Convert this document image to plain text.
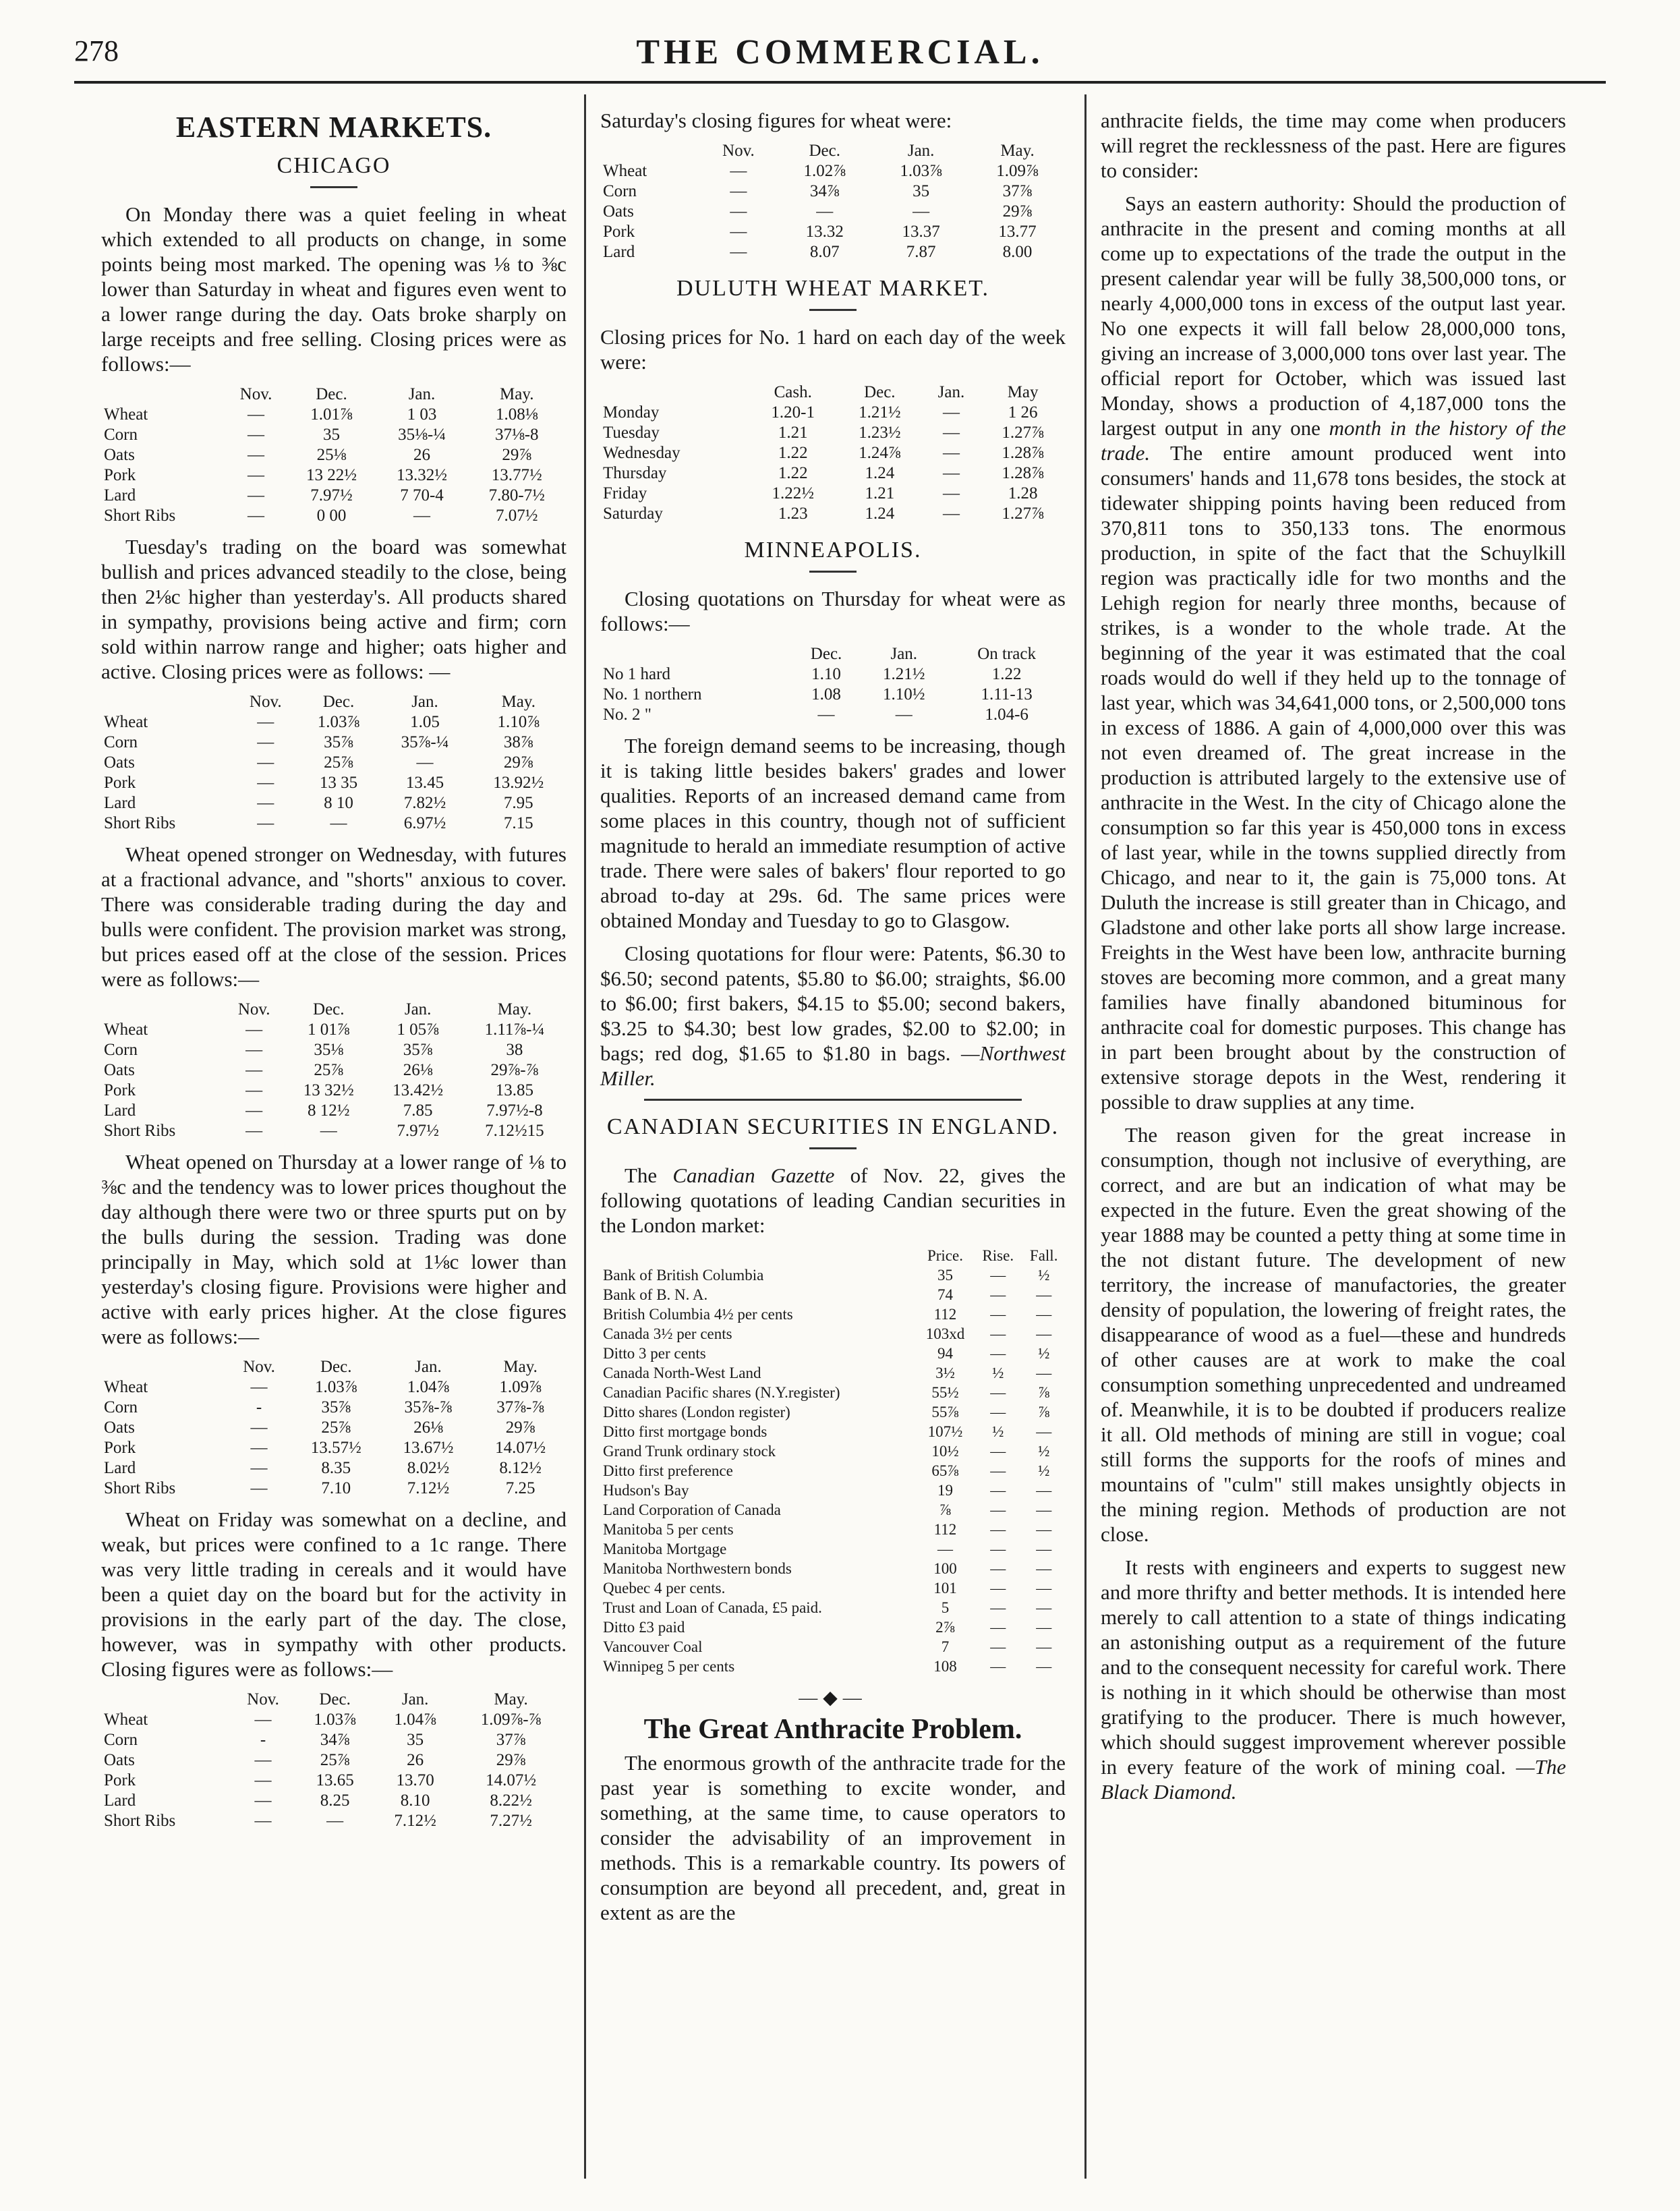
278	THE COMMERCIAL.
EASTERN MARKETS.
CHICAGO

On Monday there was a quiet feeling in wheat which extended to all products on change, in some points being most marked. The opening was ⅛ to ⅜c lower than Saturday in wheat and figures even went to a lower range during the day. Oats broke sharply on large receipts and free selling. Closing prices were as follows:—

	Nov.	Dec.	Jan.	May.
Wheat	—	1.01⅞	1 03	1.08⅛
Corn	—	35	35⅛-¼	37⅛-8
Oats	—	25⅛	26	29⅞
Pork	—	13 22½	13.32½	13.77½
Lard	—	7.97½	7 70-4	7.80-7½
Short Ribs	—	0 00	—	7.07½

Tuesday's trading on the board was somewhat bullish and prices advanced steadily to the close, being then 2⅛c higher than yesterday's. All products shared in sympathy, provisions being active and firm; corn sold within narrow range and higher; oats higher and active. Closing prices were as follows: —

	Nov.	Dec.	Jan.	May.
Wheat	—	1.03⅞	1.05	1.10⅞
Corn	—	35⅞	35⅞-¼	38⅞
Oats	—	25⅞	—	29⅞
Pork	—	13 35	13.45	13.92½
Lard	—	8 10	7.82½	7.95
Short Ribs	—	—	6.97½	7.15

Wheat opened stronger on Wednesday, with futures at a fractional advance, and "shorts" anxious to cover. There was considerable trading during the day and bulls were confident. The provision market was strong, but prices eased off at the close of the session. Prices were as follows:—

	Nov.	Dec.	Jan.	May.
Wheat	—	1 01⅞	1 05⅞	1.11⅞-¼
Corn	—	35⅛	35⅞	38
Oats	—	25⅞	26⅛	29⅞-⅞
Pork	—	13 32½	13.42½	13.85
Lard	—	8 12½	7.85	7.97½-8
Short Ribs	—	—	7.97½	7.12½15

Wheat opened on Thursday at a lower range of ⅛ to ⅜c and the tendency was to lower prices thoughout the day although there were two or three spurts put on by the bulls during the session. Trading was done principally in May, which sold at 1⅛c lower than yesterday's closing figure. Provisions were higher and active with early prices higher. At the close figures were as follows:—

	Nov.	Dec.	Jan.	May.
Wheat	—	1.03⅞	1.04⅞	1.09⅞
Corn	-	35⅞	35⅞-⅞	37⅞-⅞
Oats	—	25⅞	26⅛	29⅞
Pork	—	13.57½	13.67½	14.07½
Lard	—	8.35	8.02½	8.12½
Short Ribs	—	7.10	7.12½	7.25

Wheat on Friday was somewhat on a decline, and weak, but prices were confined to a 1c range. There was very little trading in cereals and it would have been a quiet day on the board but for the activity in provisions in the early part of the day. The close, however, was in sympathy with other products. Closing figures were as follows:—

	Nov.	Dec.	Jan.	May.
Wheat	—	1.03⅞	1.04⅞	1.09⅞-⅞
Corn	-	34⅞	35	37⅞
Oats	—	25⅞	26	29⅞
Pork	—	13.65	13.70	14.07½
Lard	—	8.25	8.10	8.22½
Short Ribs	—	—	7.12½	7.27½

Saturday's closing figures for wheat were:

	Nov.	Dec.	Jan.	May.
Wheat	—	1.02⅞	1.03⅞	1.09⅞
Corn	—	34⅞	35	37⅞
Oats	—	—	—	29⅞
Pork	—	13.32	13.37	13.77
Lard	—	8.07	7.87	8.00
DULUTH WHEAT MARKET.

Closing prices for No. 1 hard on each day of the week were:

	Cash.	Dec.	Jan.	May
Monday	1.20-1	1.21½	—	1 26
Tuesday	1.21	1.23½	—	1.27⅞
Wednesday	1.22	1.24⅞	—	1.28⅞
Thursday	1.22	1.24	—	1.28⅞
Friday	1.22½	1.21	—	1.28
Saturday	1.23	1.24	—	1.27⅞
MINNEAPOLIS.

Closing quotations on Thursday for wheat were as follows:—

	Dec.	Jan.	On track
No 1 hard	1.10	1.21½	1.22
No. 1 northern	1.08	1.10½	1.11-13
No. 2 "	—	—	1.04-6

The foreign demand seems to be increasing, though it is taking little besides bakers' grades and lower qualities. Reports of an increased demand came from some places in this country, though not of sufficient magnitude to herald an immediate resumption of active trade. There were sales of bakers' flour reported to go abroad to-day at 29s. 6d. The same prices were obtained Monday and Tuesday to go to Glasgow.

Closing quotations for flour were: Patents, $6.30 to $6.50; second patents, $5.80 to $6.00; straights, $6.00 to $6.00; first bakers, $4.15 to $5.00; second bakers, $3.25 to $4.30; best low grades, $2.00 to $2.00; in bags; red dog, $1.65 to $1.80 in bags. —Northwest Miller.

CANADIAN SECURITIES IN ENGLAND.

The Canadian Gazette of Nov. 22, gives the following quotations of leading Candian securities in the London market:

	Price.	Rise.	Fall.
Bank of British Columbia	35	—	½
Bank of B. N. A.	74	—	—
British Columbia 4½ per cents	112	—	—
Canada 3½ per cents	103xd	—	—
Ditto 3 per cents	94	—	½
Canada North-West Land	3½	½	—
Canadian Pacific shares (N.Y.register)	55½	—	⅞
Ditto shares (London register)	55⅞	—	⅞
Ditto first mortgage bonds	107½	½	—
Grand Trunk ordinary stock	10½	—	½
Ditto first preference	65⅞	—	½
Hudson's Bay	19	—	—
Land Corporation of Canada	⅞	—	—
Manitoba 5 per cents	112	—	—
Manitoba Mortgage	—	—	—
Manitoba Northwestern bonds	100	—	—
Quebec 4 per cents.	101	—	—
Trust and Loan of Canada, £5 paid.	5	—	—
Ditto £3 paid	2⅞	—	—
Vancouver Coal	7	—	—
Winnipeg 5 per cents	108	—	—
—◆—
The Great Anthracite Problem.

The enormous growth of the anthracite trade for the past year is something to excite wonder, and something, at the same time, to cause operators to consider the advisability of an improvement in methods. This is a remarkable country. Its powers of consumption are beyond all precedent, and, great in extent as are the

anthracite fields, the time may come when producers will regret the recklessness of the past. Here are figures to consider:

Says an eastern authority: Should the production of anthracite in the present and coming months at all come up to expectations of the trade the output in the present calendar year will be fully 38,500,000 tons, or nearly 4,000,000 tons in excess of the output last year. No one expects it will fall below 28,000,000 tons, giving an increase of 3,000,000 tons over last year. The official report for October, which was issued last Monday, shows a production of 4,187,000 tons the largest output in any one month in the history of the trade. The entire amount produced went into consumers' hands and 11,678 tons besides, the stock at tidewater shipping points having been reduced from 370,811 tons to 350,133 tons. The enormous production, in spite of the fact that the Schuylkill region was practically idle for two months and the Lehigh region for nearly three months, because of strikes, is a wonder to the whole trade. At the beginning of the year it was estimated that the coal roads would do well if they held up to the tonnage of last year, which was 34,641,000 tons, or 2,500,000 tons in excess of 1886. A gain of 4,000,000 over this was not even dreamed of. The great increase in the production is attributed largely to the extensive use of anthracite in the West. In the city of Chicago alone the consumption so far this year is 450,000 tons in excess of last year, while in the towns supplied directly from Chicago, and near to it, the gain is 75,000 tons. At Duluth the increase is still greater than in Chicago, and Gladstone and other lake ports all show large increase. Freights in the West have been low, anthracite burning stoves are becoming more common, and a great many families have finally abandoned bituminous for anthracite coal for domestic purposes. This change has in part been brought about by the construction of extensive storage depots in the West, rendering it possible to draw supplies at any time.

The reason given for the great increase in consumption, though not inclusive of everything, are correct, and are but an indication of what may be expected in the future. Even the great showing of the year 1888 may be counted a petty thing at some time in the not distant future. The development of new territory, the increase of manufactories, the greater density of population, the lowering of freight rates, the disappearance of wood as a fuel—these and hundreds of other causes are at work to make the coal consumption something unprecedented and undreamed of. Meanwhile, it is to be doubted if producers realize it all. Old methods of mining are still in vogue; coal still forms the supports for the roofs of mines and mountains of "culm" still makes unsightly objects in the mining region. Methods of production are not close.

It rests with engineers and experts to suggest new and more thrifty and better methods. It is intended here merely to call attention to a state of things indicating an astonishing output as a requirement of the future and to the consequent necessity for careful work. There is nothing in it which should be otherwise than most gratifying to the producer. There is much however, which should suggest improvement wherever possible in every feature of the work of mining coal. —The Black Diamond.
